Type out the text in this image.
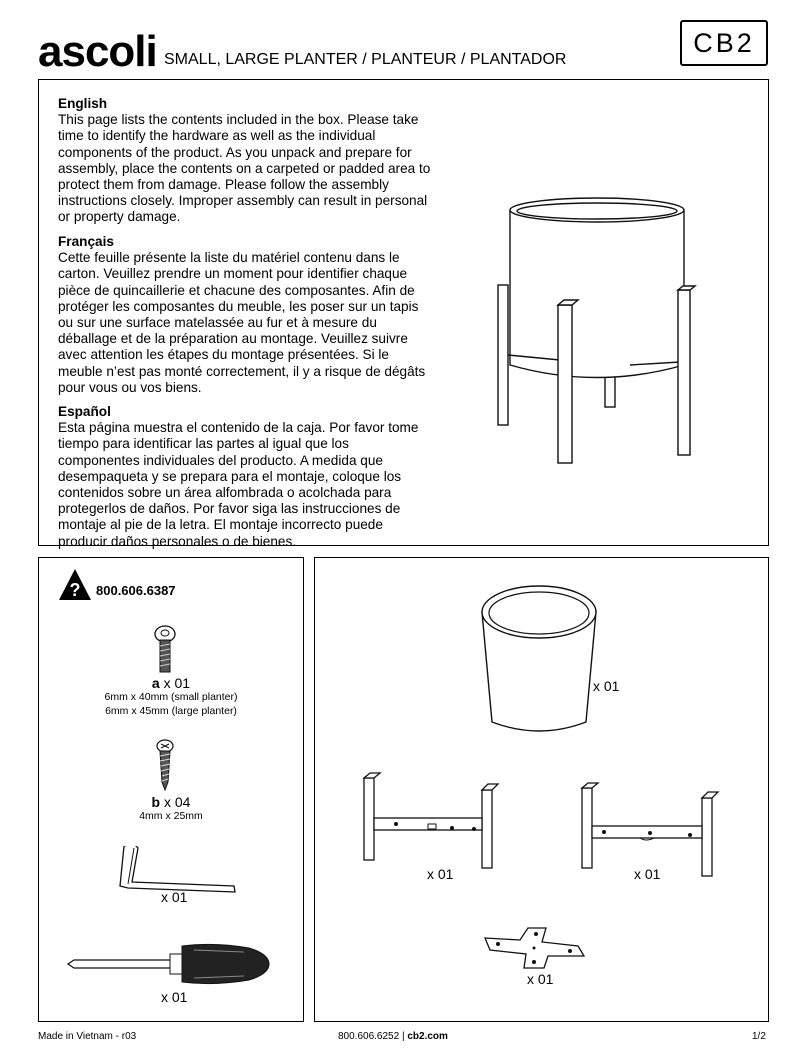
ascoli SMALL, LARGE PLANTER / PLANTEUR / PLANTADOR
CB2
English

This page lists the contents included in the box. Please take time to identify the hardware as well as the individual components of the product. As you unpack and prepare for assembly, place the contents on a carpeted or padded area to protect them from damage. Please follow the assembly instructions closely. Improper assembly can result in personal or property damage.

Français

Cette feuille présente la liste du matériel contenu dans le carton. Veuillez prendre un moment pour identifier chaque pièce de quincaillerie et chacune des composantes. Afin de protéger les composantes du meuble, les poser sur un tapis ou sur une surface matelassée au fur et à mesure du déballage et de la préparation au montage. Veuillez suivre avec attention les étapes du montage présentées. Si le meuble n’est pas monté correctement, il y a risque de dégâts pour vous ou vos biens.

Español

Esta página muestra el contenido de la caja. Por favor tome tiempo para identificar las partes al igual que los componentes individuales del producto. A medida que desempaqueta y se prepara para el montaje, coloque los contenidos sobre un área alfombrada o acolchada para protegerlos de daños. Por favor siga las instrucciones de montaje al pie de la letra. El montaje incorrecto puede producir daños personales o de bienes.

? 800.606.6387
a x 01
6mm x 40mm (small planter)
6mm x 45mm (large planter)
b x 04
4mm x 25mm
x 01
x 01
x 01
x 01	x 01
x 01
Made in Vietnam - r03	800.606.6252 | cb2.com	1/2
